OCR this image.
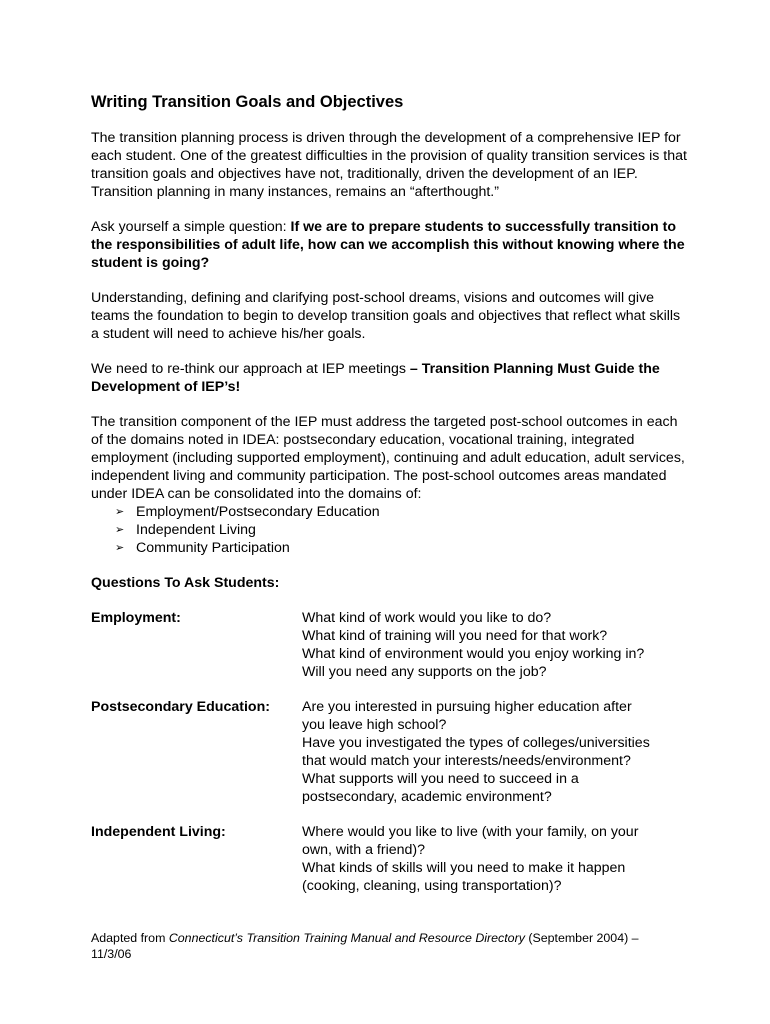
Writing Transition Goals and Objectives

The transition planning process is driven through the development of a comprehensive IEP for each student. One of the greatest difficulties in the provision of quality transition services is that transition goals and objectives have not, traditionally, driven the development of an IEP. Transition planning in many instances, remains an “afterthought.”

Ask yourself a simple question: If we are to prepare students to successfully transition to the responsibilities of adult life, how can we accomplish this without knowing where the student is going?

Understanding, defining and clarifying post-school dreams, visions and outcomes will give teams the foundation to begin to develop transition goals and objectives that reflect what skills a student will need to achieve his/her goals.

We need to re-think our approach at IEP meetings – Transition Planning Must Guide the Development of IEP’s!

The transition component of the IEP must address the targeted post-school outcomes in each of the domains noted in IDEA: postsecondary education, vocational training, integrated employment (including supported employment), continuing and adult education, adult services, independent living and community participation. The post-school outcomes areas mandated under IDEA can be consolidated into the domains of:

➢ Employment/Postsecondary Education
➢ Independent Living
➢ Community Participation
Questions To Ask Students:
Employment:	What kind of work would you like to do?
What kind of training will you need for that work?
What kind of environment would you enjoy working in?
Will you need any supports on the job?
Postsecondary Education:	Are you interested in pursuing higher education after
you leave high school?
Have you investigated the types of colleges/universities
that would match your interests/needs/environment?
What supports will you need to succeed in a
postsecondary, academic environment?
Independent Living:	Where would you like to live (with your family, on your
own, with a friend)?
What kinds of skills will you need to make it happen
(cooking, cleaning, using transportation)?
Adapted from Connecticut’s Transition Training Manual and Resource Directory (September 2004) –
11/3/06
